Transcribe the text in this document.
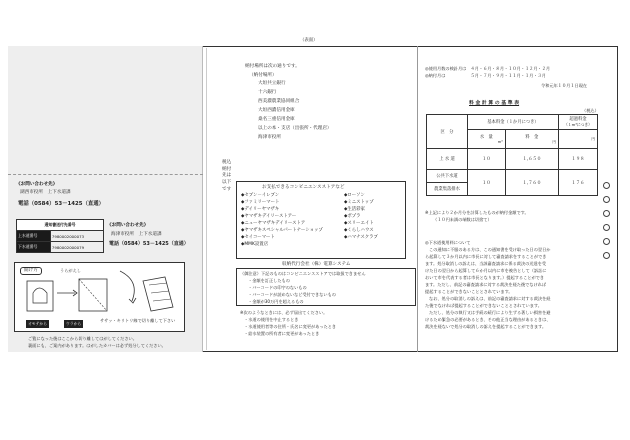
（表面）
《お問い合わせ先》
湖西市役所　上下水道課
電話（0584）53－1425（直通）
通知書送付先番号	
上水道番号	7980002000073
下水道番号	7980002000079
《お問い合わせ先》
海津市役所　上下水道課
電話（0584）53－1425（直通）
開け方	うらがえし
オモテから	ウラから
ササッ・キリトリ線で切り離して下さい
ご覧になった後はここから切り離してはがしてください。
裏面にも、ご案内があります。はがしたカバーは必ず処分してください。
税込納付先は以下です
納付場所は次の通りです。
（納付場所）
大垣共立銀行
十六銀行
西美濃農業協同組合
大垣西濃信用金庫
桑名三重信用金庫
以上の本・支店（出張所・代理店）
海津市役所
お支払できるコンビニエンスストアなど
◆セブン－イレブン
◆ファミリーマート
◆デイリーヤマザキ
◆ヤマザキデイリーストアー
◆ニューヤマザキデイリーストア
◆ヤマザキスペシャルパートナーショップ
◆セイコーマート
◆MMK設置店
◆ローソン
◆ミニストップ
◆生活彩家
◆ポプラ
◆スリーエイト
◆くらしハウス
◆ハマナスクラブ
収納代行会社（株）電算システム
（御注意）下記のものはコンビニエンスストアでは取扱できません
・金額を訂正したもの
・バーコードの印字のないもの
・バーコードが読めないなど受付できないもの
・金額が30万円を超えるもの
※次のようなときには、必ず届出てください。
・水道の使用を中止するとき
・水道使用者等の住所・氏名に変更があったとき
・給水装置の所有者に変更があったとき
◎使用月数の検針月は　４月・６月・８月・１０月・１２月・２月
◎納付月は　　　　　　５月・７月・９月・１１月・１月・３月
令和元年１０月１日現在
料 金 計 算 の 基 準 表
（税込）
区　分	基本料金（１か月につき）		超過料金
（１m³につき）
	水　量

m³	料　金

円	円

上 水 道	１０	１,６５０	１９８
公共下水道	１０	１,７６０	１７６
農業集落排水			
※上記により２か月分を計算したものが納付金額です。
（１０円未満の端数は切捨て）
◎下水道使用料について
この通知に不服のある方は、この通知書を受け取った日の翌日か
ら起算して３か月以内に市長に対して審査請求をすることができ
ます。処分取消しの訴えは、当該審査請求に係る裁決の送達を受
けた日の翌日から起算して６か月以内に市を被告として（訴訟に
おいて市を代表する者は市長となります。）提起することができ
ます。ただし、前記の審査請求に対する裁決を経た後でなければ
提起することができないこととされています。
なお、処分の取消しの訴えは、前記の審査請求に対する裁決を経
た後でなければ提起することができないこととされています。
ただし、処分の執行又は手続の続行により生ずる著しい損害を避
けるため緊急の必要があるとき、その他正当な理由があるときは、
裁決を経ないで処分の取消しの訴えを提起することができます。
